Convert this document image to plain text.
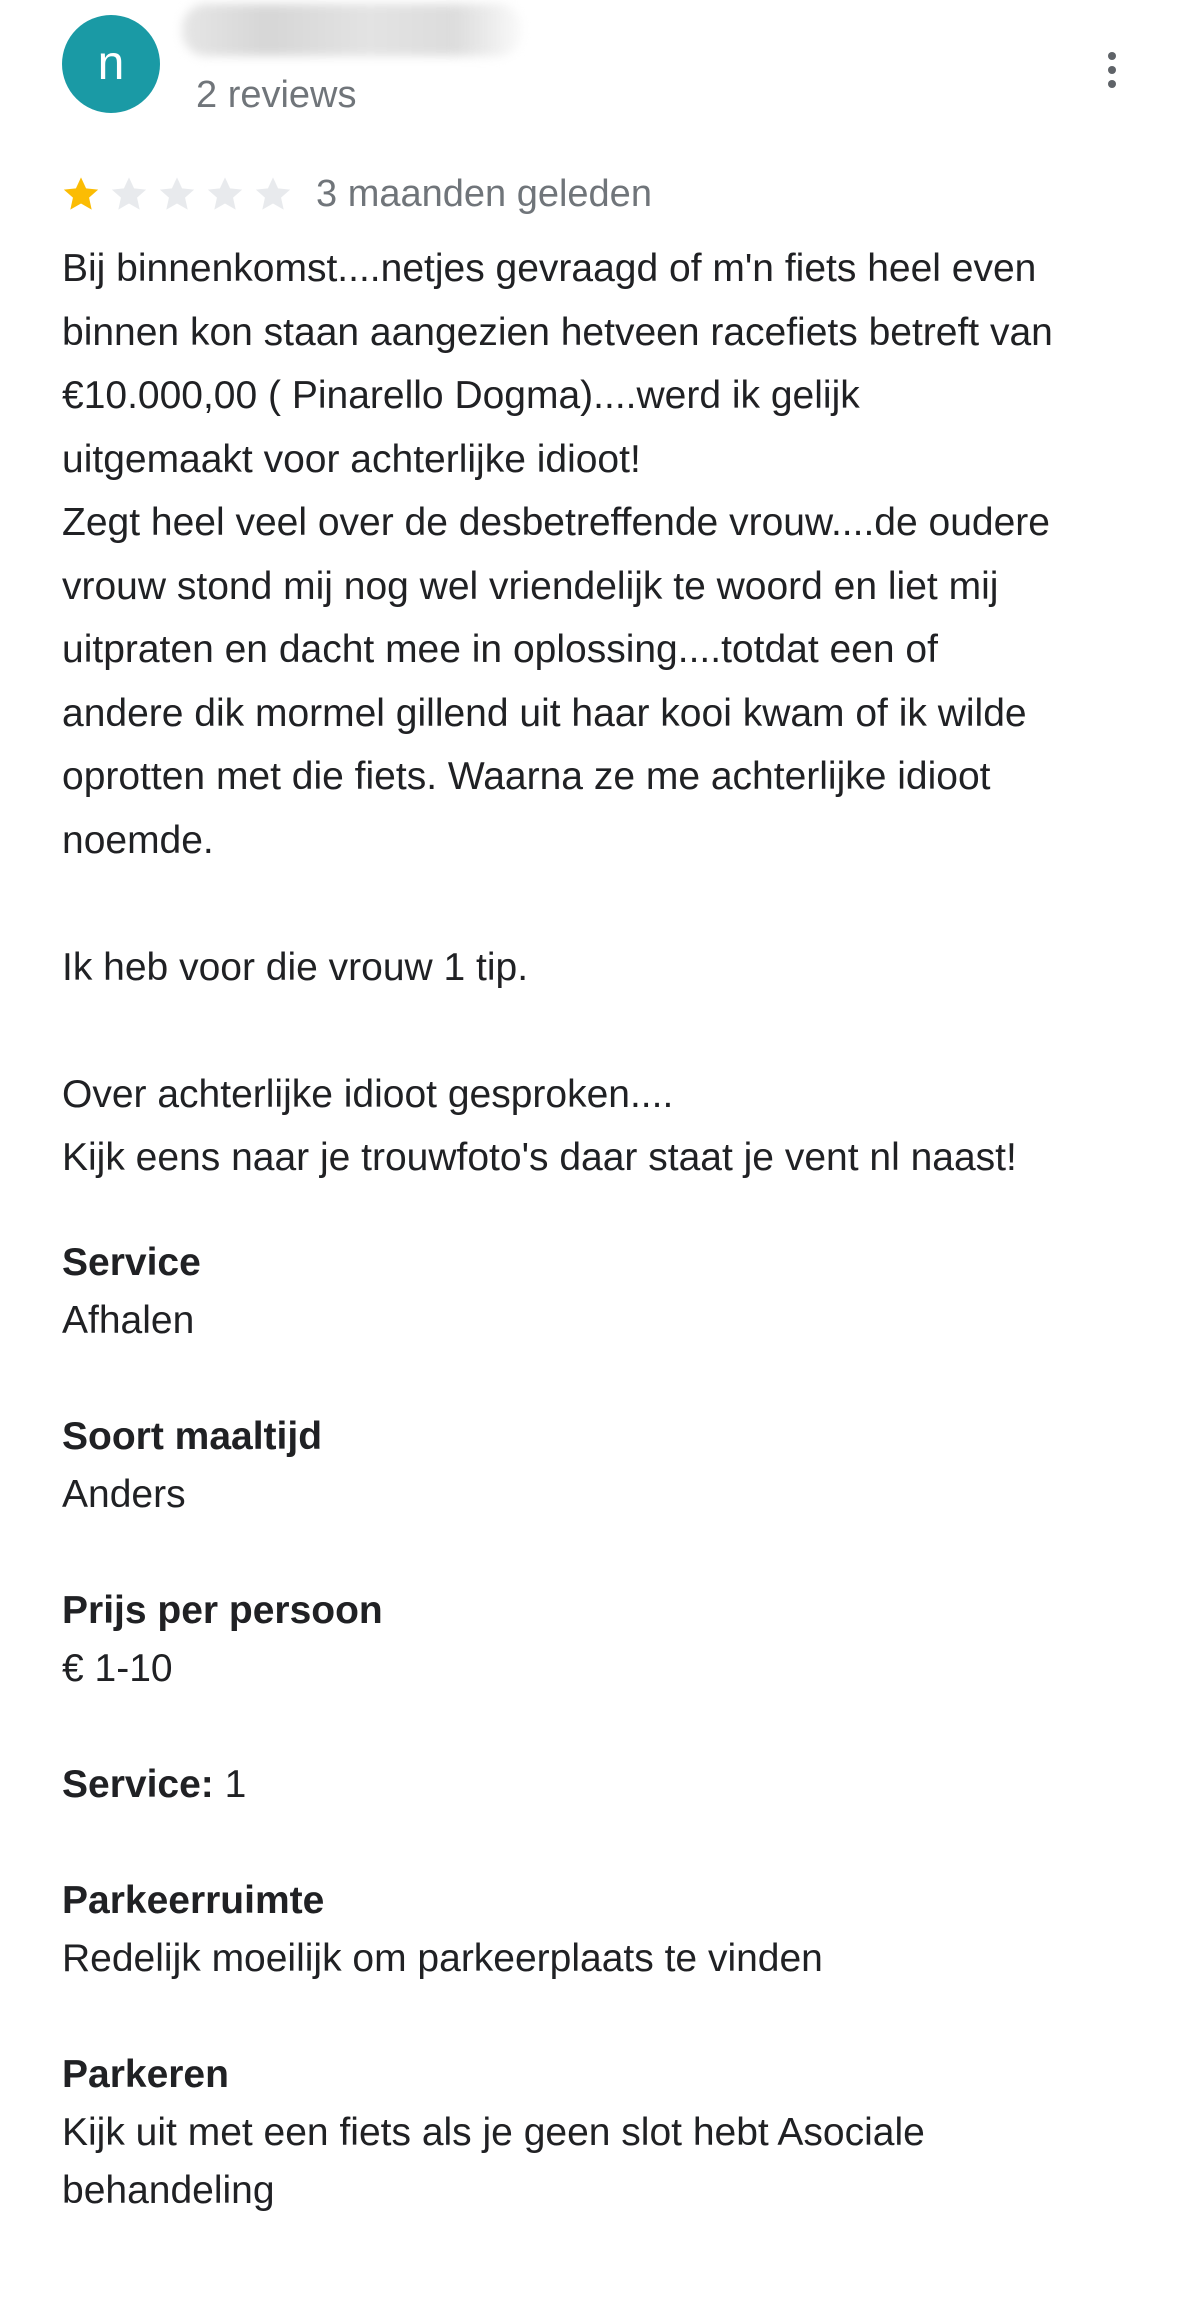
n
2 reviews
3 maanden geleden

Bij binnenkomst....netjes gevraagd of m'n fiets heel even

binnen kon staan aangezien hetveen racefiets betreft van

€10.000,00 ( Pinarello Dogma)....werd ik gelijk

uitgemaakt voor achterlijke idioot!

Zegt heel veel over de desbetreffende vrouw....de oudere

vrouw stond mij nog wel vriendelijk te woord en liet mij

uitpraten en dacht mee in oplossing....totdat een of

andere dik mormel gillend uit haar kooi kwam of ik wilde

oprotten met die fiets. Waarna ze me achterlijke idioot

noemde.

Ik heb voor die vrouw 1 tip.

Over achterlijke idioot gesproken....

Kijk eens naar je trouwfoto's daar staat je vent nl naast!

Service
Afhalen
Soort maaltijd
Anders
Prijs per persoon
€ 1-10
Service: 1
Parkeerruimte
Redelijk moeilijk om parkeerplaats te vinden
Parkeren
Kijk uit met een fiets als je geen slot hebt Asociale
behandeling
